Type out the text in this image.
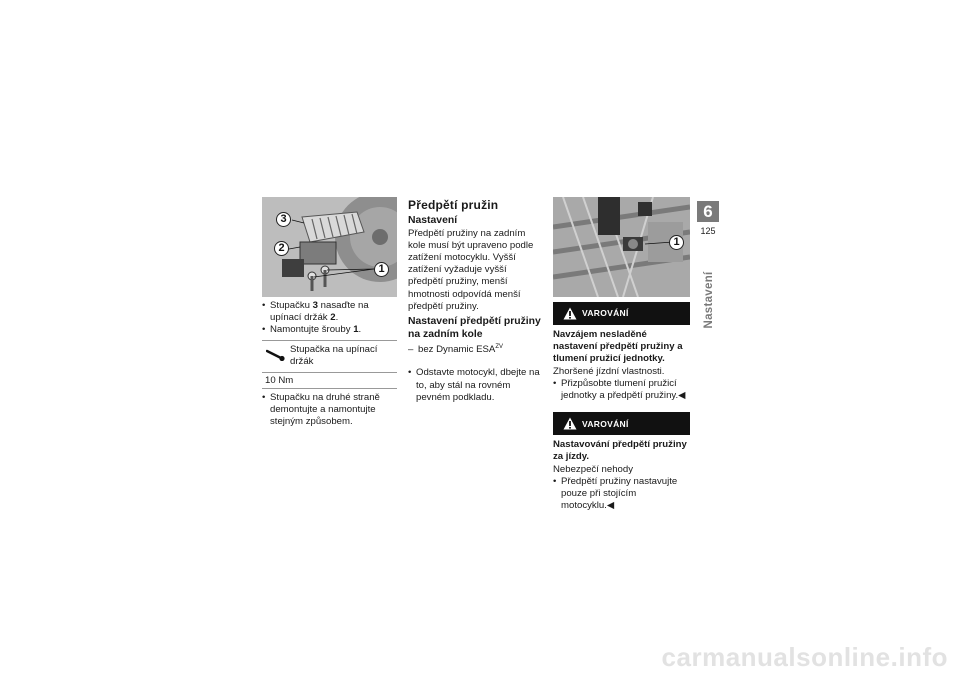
3
2
1
• Stupačku 3 nasaďte na upínací držák 2.
• Namontujte šrouby 1.
Stupačka na upínací držák
10 Nm
• Stupačku na druhé straně demontujte a namontujte stejným způsobem.
Předpětí pružin
Nastavení

Předpětí pružiny na zadním kole musí být upraveno podle zatížení motocyklu. Vyšší zatížení vyžaduje vyšší předpětí pružiny, menší hmotnosti odpovídá menší předpětí pružiny.

Nastavení předpětí pružiny na zadním kole

– bez Dynamic $ESA^{ZV}$

• Odstavte motocykl, dbejte na to, aby stál na rovném pevném podkladu.
1
VAROVÁNÍ

Navzájem nesladěné nastavení předpětí pružiny a tlumení pružicí jednotky.

Zhoršené jízdní vlastnosti.

• Přizpůsobte tlumení pružicí jednotky a předpětí pružiny.◀
VAROVÁNÍ

Nastavování předpětí pružiny za jízdy.

Nebezpečí nehody

• Předpětí pružiny nastavujte pouze při stojícím motocyklu.◀
6
125
Nastavení
carmanualsonline.info
